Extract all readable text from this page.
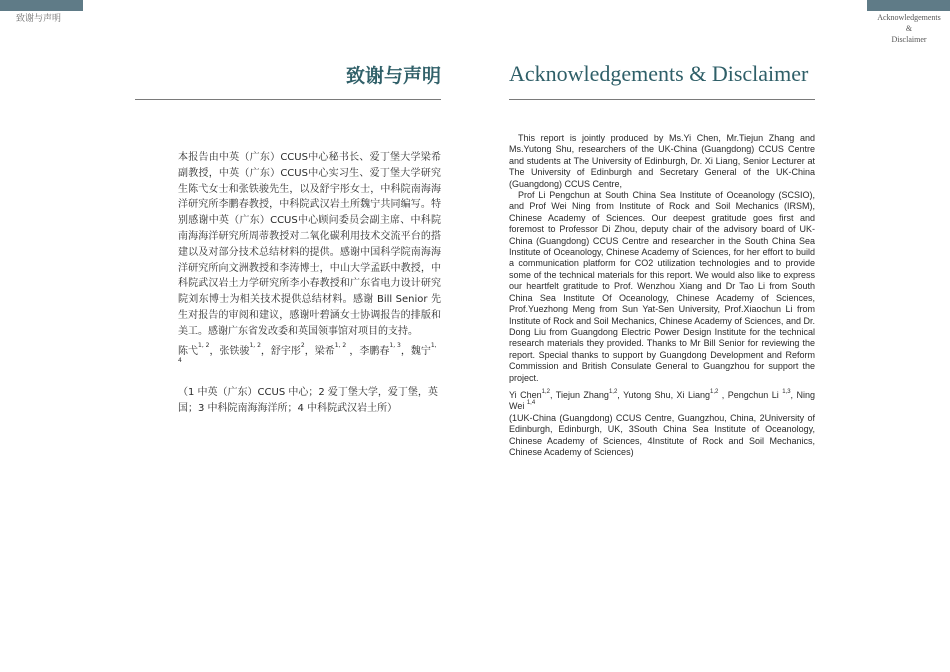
致谢与声明	Acknowledgements
&
Disclaimer
致谢与声明	Acknowledgements & Disclaimer

本报告由中英（广东）CCUS中心秘书长、爱丁堡大学梁希副教授，中英（广东）CCUS中心实习生、爱丁堡大学研究生陈弋女士和张铁骏先生，以及舒宇彤女士，中科院南海海洋研究所李鹏春教授，中科院武汉岩土所魏宁共同编写。特别感谢中英（广东）CCUS中心顾问委员会副主席、中科院南海海洋研究所周蒂教授对二氧化碳利用技术交流平台的搭建以及对部分技术总结材料的提供。感谢中国科学院南海海洋研究所向文洲教授和李涛博士，中山大学孟跃中教授，中科院武汉岩土力学研究所李小春教授和广东省电力设计研究院刘东博士为相关技术提供总结材料。感谢 Bill Senior 先生对报告的审阅和建议，感谢叶碧涵女士协调报告的排版和美工。感谢广东省发改委和英国领事馆对项目的支持。

陈弋$^{1, 2}$，张铁骏$^{1, 2}$，舒宇彤$^2$，梁希$^{1, 2}$ ，李鹏春$^{1, 3}$，魏宁$^{1, 4}$

（1 中英（广东）CCUS 中心；2 爱丁堡大学，爱丁堡，英国；3 中科院南海海洋所；4 中科院武汉岩土所）

This report is jointly produced by Ms.Yi Chen, Mr.Tiejun Zhang and Ms.Yutong Shu, researchers of the UK-China (Guangdong) CCUS Centre and students at The University of Edinburgh, Dr. Xi Liang, Senior Lecturer at The University of Edinburgh and Secretary General of the UK-China (Guangdong) CCUS Centre,

Prof Li Pengchun at South China Sea Institute of Oceanology (SCSIO), and Prof Wei Ning from Institute of Rock and Soil Mechanics (IRSM), Chinese Academy of Sciences. Our deepest gratitude goes first and foremost to Professor Di Zhou, deputy chair of the advisory board of UK-China (Guangdong) CCUS Centre and researcher in the South China Sea Institute of Oceanology, Chinese Academy of Sciences, for her effort to build a communication platform for CO2 utilization technologies and to provide some of the technical materials for this report. We would also like to express our heartfelt gratitude to Prof. Wenzhou Xiang and Dr Tao Li from South China Sea Institute Of Oceanology, Chinese Academy of Sciences, Prof.Yuezhong Meng from Sun Yat-Sen University, Prof.Xiaochun Li from Institute of Rock and Soil Mechanics, Chinese Academy of Sciences, and Dr. Dong Liu from Guangdong Electric Power Design Institute for the technical research materials they provided. Thanks to Mr Bill Senior for reviewing the report. Special thanks to support by Guangdong Development and Reform Commission and British Consulate General to Guangzhou for support the project.

Yi Chen$^{1,2}$, Tiejun Zhang$^{1,2}$, Yutong Shu, Xi Liang$^{1,2}$ , Pengchun Li $^{1,3}$, Ning Wei $^{1,4}$

(1UK-China (Guangdong) CCUS Centre, Guangzhou, China, 2University of Edinburgh, Edinburgh, UK, 3South China Sea Institute of Oceanology, Chinese Academy of Sciences, 4Institute of Rock and Soil Mechanics, Chinese Academy of Sciences)
